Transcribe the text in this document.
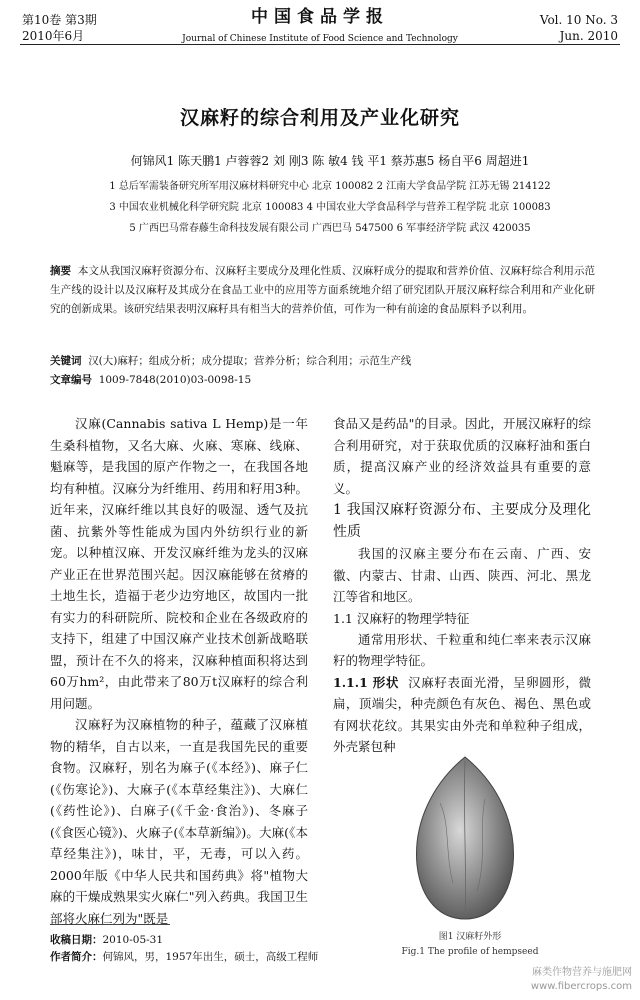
第10卷 第3期
2010年6月
中国食品学报
Journal of Chinese Institute of Food Science and Technology
Vol. 10 No. 3
Jun. 2010
汉麻籽的综合利用及产业化研究
何锦风1 陈天鹏1 卢蓉蓉2 刘 刚3 陈 敏4 钱 平1 蔡苏惠5 杨自平6 周超进1
1 总后军需装备研究所军用汉麻材料研究中心 北京 100082 2 江南大学食品学院 江苏无锡 214122
3 中国农业机械化科学研究院 北京 100083 4 中国农业大学食品科学与营养工程学院 北京 100083
5 广西巴马常春藤生命科技发展有限公司 广西巴马 547500 6 军事经济学院 武汉 420035
摘要 本文从我国汉麻籽资源分布、汉麻籽主要成分及理化性质、汉麻籽成分的提取和营养价值、汉麻籽综合利用示范生产线的设计以及汉麻籽及其成分在食品工业中的应用等方面系统地介绍了研究团队开展汉麻籽综合利用和产业化研究的创新成果。该研究结果表明汉麻籽具有相当大的营养价值，可作为一种有前途的食品原料予以利用。
关键词 汉(大)麻籽；组成分析；成分提取；营养分析；综合利用；示范生产线
文章编号 1009-7848(2010)03-0098-15

汉麻(Cannabis sativa L Hemp)是一年生桑科植物，又名大麻、火麻、寒麻、线麻、魁麻等，是我国的原产作物之一，在我国各地均有种植。汉麻分为纤维用、药用和籽用3种。近年来，汉麻纤维以其良好的吸湿、透气及抗菌、抗紫外等性能成为国内外纺织行业的新宠。以种植汉麻、开发汉麻纤维为龙头的汉麻产业正在世界范围兴起。因汉麻能够在贫瘠的土地生长，造福于老少边穷地区，故国内一批有实力的科研院所、院校和企业在各级政府的支持下，组建了中国汉麻产业技术创新战略联盟，预计在不久的将来，汉麻种植面积将达到60万hm²，由此带来了80万t汉麻籽的综合利用问题。

汉麻籽为汉麻植物的种子，蕴藏了汉麻植物的精华，自古以来，一直是我国先民的重要食物。汉麻籽，别名为麻子(《本经》)、麻子仁(《伤寒论》)、大麻子(《本草经集注》)、大麻仁(《药性论》)、白麻子(《千金·食治》)、冬麻子(《食医心镜》)、火麻子(《本草新编》)。大麻(《本草经集注》)，味甘，平，无毒，可以入药。2000年版《中华人民共和国药典》将"植物大麻的干燥成熟果实火麻仁"列入药典。我国卫生部将火麻仁列为"既是

食品又是药品"的目录。因此，开展汉麻籽的综合利用研究，对于获取优质的汉麻籽油和蛋白质，提高汉麻产业的经济效益具有重要的意义。

1 我国汉麻籽资源分布、主要成分及理化性质

我国的汉麻主要分布在云南、广西、安徽、内蒙古、甘肃、山西、陕西、河北、黑龙江等省和地区。

1.1 汉麻籽的物理学特征

通常用形状、千粒重和纯仁率来表示汉麻籽的物理学特征。

1.1.1 形状 汉麻籽表面光滑，呈卵圆形，微扁，顶端尖，种壳颜色有灰色、褐色、黑色或有网状花纹。其果实由外壳和单粒种子组成，外壳紧包种

图1 汉麻籽外形
Fig.1 The profile of hempseed
收稿日期：2010-05-31
作者简介：何锦风，男，1957年出生，硕士，高级工程师
麻类作物营养与施肥网
www.fibercrops.com
